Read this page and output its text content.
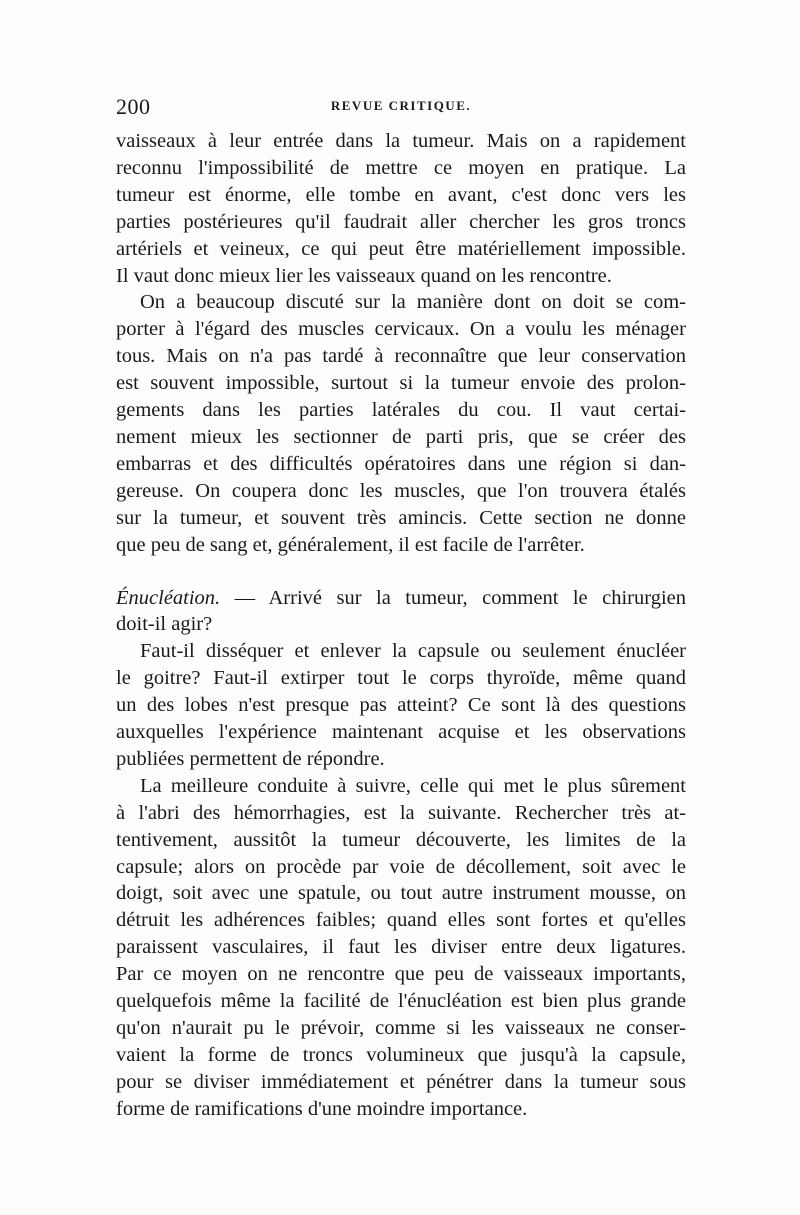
200	REVUE CRITIQUE.

vaisseaux à leur entrée dans la tumeur. Mais on a rapidement
reconnu l'impossibilité de mettre ce moyen en pratique. La
tumeur est énorme, elle tombe en avant, c'est donc vers les
parties postérieures qu'il faudrait aller chercher les gros troncs
artériels et veineux, ce qui peut être matériellement impossible.
Il vaut donc mieux lier les vaisseaux quand on les rencontre.

On a beaucoup discuté sur la manière dont on doit se com-
porter à l'égard des muscles cervicaux. On a voulu les ménager
tous. Mais on n'a pas tardé à reconnaître que leur conservation
est souvent impossible, surtout si la tumeur envoie des prolon-
gements dans les parties latérales du cou. Il vaut certai-
nement mieux les sectionner de parti pris, que se créer des
embarras et des difficultés opératoires dans une région si dan-
gereuse. On coupera donc les muscles, que l'on trouvera étalés
sur la tumeur, et souvent très amincis. Cette section ne donne
que peu de sang et, généralement, il est facile de l'arrêter.

Énucléation. — Arrivé sur la tumeur, comment le chirurgien
doit-il agir?

Faut-il disséquer et enlever la capsule ou seulement énucléer
le goitre? Faut-il extirper tout le corps thyroïde, même quand
un des lobes n'est presque pas atteint? Ce sont là des questions
auxquelles l'expérience maintenant acquise et les observations
publiées permettent de répondre.

La meilleure conduite à suivre, celle qui met le plus sûrement
à l'abri des hémorrhagies, est la suivante. Rechercher très at-
tentivement, aussitôt la tumeur découverte, les limites de la
capsule; alors on procède par voie de décollement, soit avec le
doigt, soit avec une spatule, ou tout autre instrument mousse, on
détruit les adhérences faibles; quand elles sont fortes et qu'elles
paraissent vasculaires, il faut les diviser entre deux ligatures.
Par ce moyen on ne rencontre que peu de vaisseaux importants,
quelquefois même la facilité de l'énucléation est bien plus grande
qu'on n'aurait pu le prévoir, comme si les vaisseaux ne conser-
vaient la forme de troncs volumineux que jusqu'à la capsule,
pour se diviser immédiatement et pénétrer dans la tumeur sous
forme de ramifications d'une moindre importance.
